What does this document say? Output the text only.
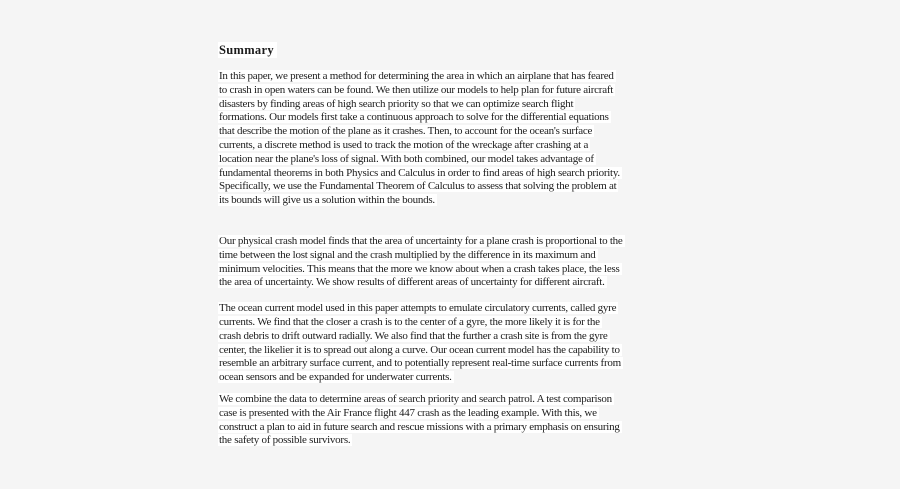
Summary
In this paper, we present a method for determining the area in which an airplane that has feared
to crash in open waters can be found. We then utilize our models to help plan for future aircraft
disasters by finding areas of high search priority so that we can optimize search flight
formations. Our models first take a continuous approach to solve for the differential equations
that describe the motion of the plane as it crashes. Then, to account for the ocean's surface
currents, a discrete method is used to track the motion of the wreckage after crashing at a
location near the plane's loss of signal. With both combined, our model takes advantage of
fundamental theorems in both Physics and Calculus in order to find areas of high search priority.
Specifically, we use the Fundamental Theorem of Calculus to assess that solving the problem at
its bounds will give us a solution within the bounds.
Our physical crash model finds that the area of uncertainty for a plane crash is proportional to the
time between the lost signal and the crash multiplied by the difference in its maximum and
minimum velocities. This means that the more we know about when a crash takes place, the less
the area of uncertainty. We show results of different areas of uncertainty for different aircraft.
The ocean current model used in this paper attempts to emulate circulatory currents, called gyre
currents. We find that the closer a crash is to the center of a gyre, the more likely it is for the
crash debris to drift outward radially. We also find that the further a crash site is from the gyre
center, the likelier it is to spread out along a curve. Our ocean current model has the capability to
resemble an arbitrary surface current, and to potentially represent real-time surface currents from
ocean sensors and be expanded for underwater currents.
We combine the data to determine areas of search priority and search patrol. A test comparison
case is presented with the Air France flight 447 crash as the leading example. With this, we
construct a plan to aid in future search and rescue missions with a primary emphasis on ensuring
the safety of possible survivors.
